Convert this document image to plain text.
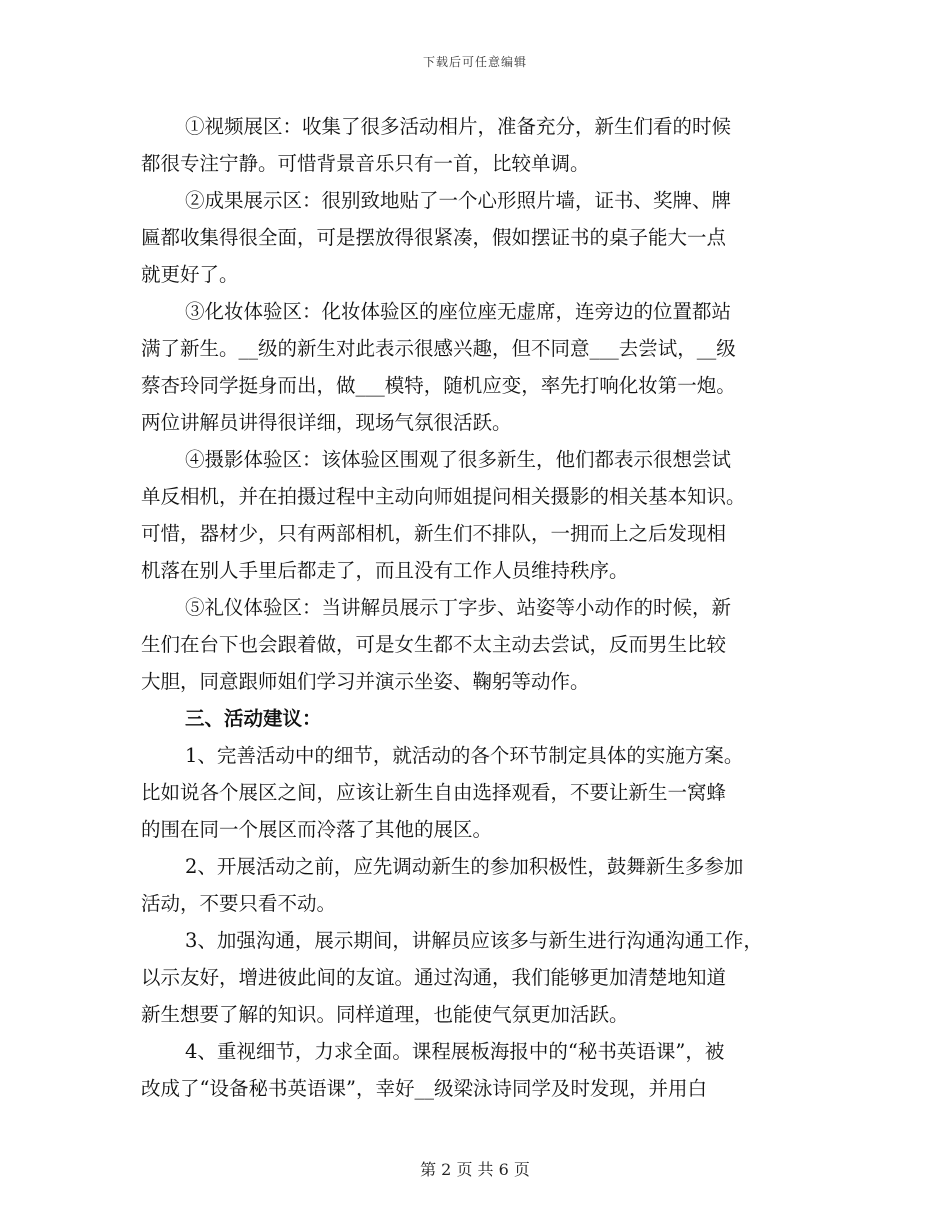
下载后可任意编辑
①视频展区：收集了很多活动相片，准备充分，新生们看的时候
都很专注宁静。可惜背景音乐只有一首，比较单调。
②成果展示区：很别致地贴了一个心形照片墙，证书、奖牌、牌
匾都收集得很全面，可是摆放得很紧凑，假如摆证书的桌子能大一点
就更好了。
③化妆体验区：化妆体验区的座位座无虚席，连旁边的位置都站
满了新生。__级的新生对此表示很感兴趣，但不同意___去尝试，__级
蔡杏玲同学挺身而出，做___模特，随机应变，率先打响化妆第一炮。
两位讲解员讲得很详细，现场气氛很活跃。
④摄影体验区：该体验区围观了很多新生，他们都表示很想尝试
单反相机，并在拍摄过程中主动向师姐提问相关摄影的相关基本知识。
可惜，器材少，只有两部相机，新生们不排队，一拥而上之后发现相
机落在别人手里后都走了，而且没有工作人员维持秩序。
⑤礼仪体验区：当讲解员展示丁字步、站姿等小动作的时候，新
生们在台下也会跟着做，可是女生都不太主动去尝试，反而男生比较
大胆，同意跟师姐们学习并演示坐姿、鞠躬等动作。
三、活动建议：
1、完善活动中的细节，就活动的各个环节制定具体的实施方案。
比如说各个展区之间，应该让新生自由选择观看，不要让新生一窝蜂
的围在同一个展区而冷落了其他的展区。
2、开展活动之前，应先调动新生的参加积极性，鼓舞新生多参加
活动，不要只看不动。
3、加强沟通，展示期间，讲解员应该多与新生进行沟通沟通工作，
以示友好，增进彼此间的友谊。通过沟通，我们能够更加清楚地知道
新生想要了解的知识。同样道理，也能使气氛更加活跃。
4、重视细节，力求全面。课程展板海报中的“秘书英语课”，被
改成了“设备秘书英语课”，幸好__级梁泳诗同学及时发现，并用白
第 2 页 共 6 页
